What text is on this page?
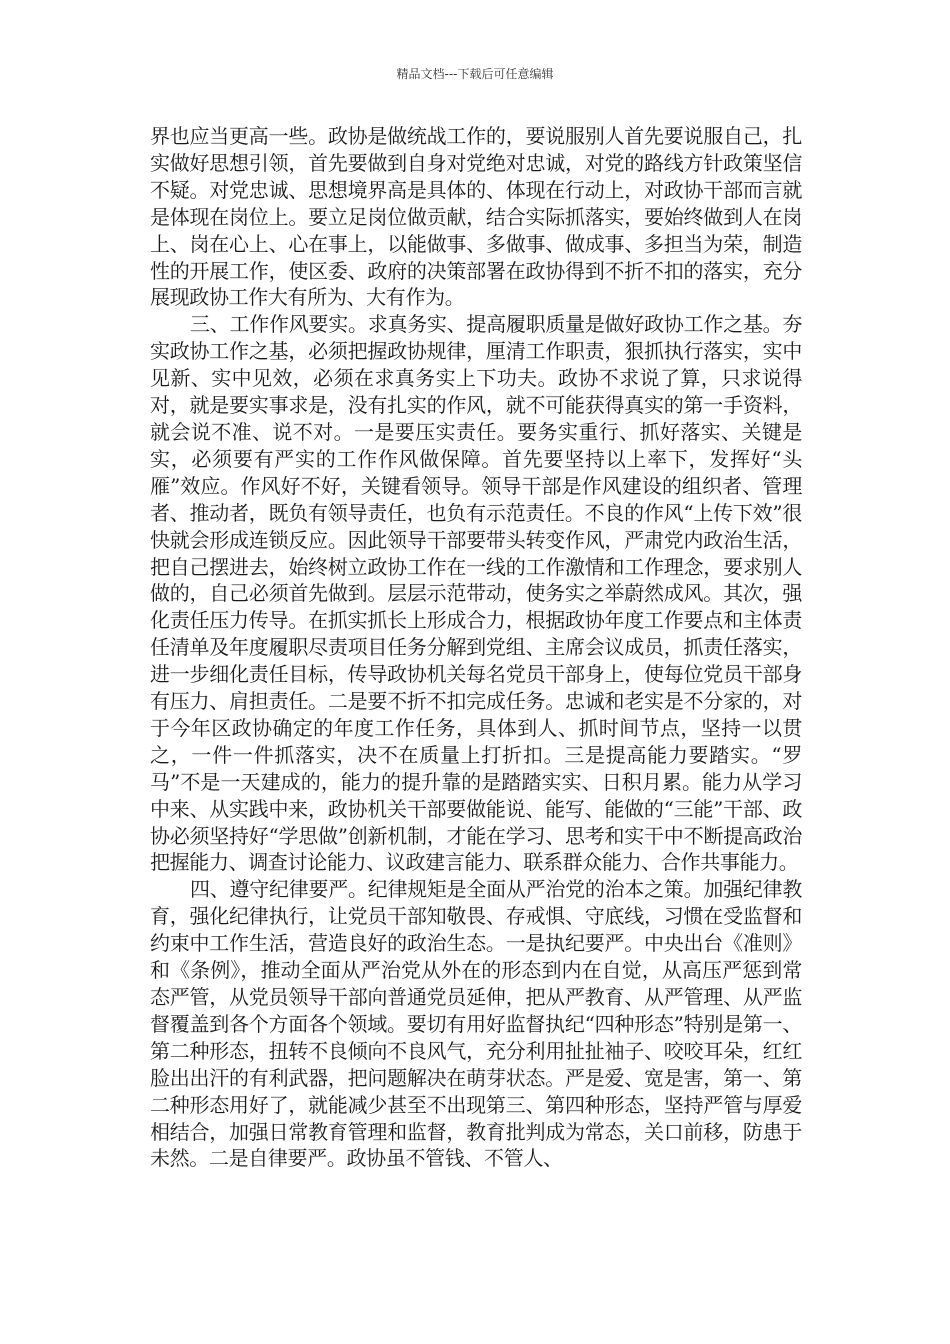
精品文档---下载后可任意编辑

界也应当更高一些。政协是做统战工作的，要说服别人首先要说服自己，扎实做好思想引领，首先要做到自身对党绝对忠诚，对党的路线方针政策坚信不疑。对党忠诚、思想境界高是具体的、体现在行动上，对政协干部而言就是体现在岗位上。要立足岗位做贡献，结合实际抓落实，要始终做到人在岗上、岗在心上、心在事上，以能做事、多做事、做成事、多担当为荣，制造性的开展工作，使区委、政府的决策部署在政协得到不折不扣的落实，充分展现政协工作大有所为、大有作为。

三、工作作风要实。求真务实、提高履职质量是做好政协工作之基。夯实政协工作之基，必须把握政协规律，厘清工作职责，狠抓执行落实，实中见新、实中见效，必须在求真务实上下功夫。政协不求说了算，只求说得对，就是要实事求是，没有扎实的作风，就不可能获得真实的第一手资料，就会说不准、说不对。一是要压实责任。要务实重行、抓好落实、关键是实，必须要有严实的工作作风做保障。首先要坚持以上率下，发挥好“头雁”效应。作风好不好，关键看领导。领导干部是作风建设的组织者、管理者、推动者，既负有领导责任，也负有示范责任。不良的作风“上传下效”很快就会形成连锁反应。因此领导干部要带头转变作风，严肃党内政治生活，把自己摆进去，始终树立政协工作在一线的工作激情和工作理念，要求别人做的，自己必须首先做到。层层示范带动，使务实之举蔚然成风。其次，强化责任压力传导。在抓实抓长上形成合力，根据政协年度工作要点和主体责任清单及年度履职尽责项目任务分解到党组、主席会议成员，抓责任落实，进一步细化责任目标，传导政协机关每名党员干部身上，使每位党员干部身有压力、肩担责任。二是要不折不扣完成任务。忠诚和老实是不分家的，对于今年区政协确定的年度工作任务，具体到人、抓时间节点，坚持一以贯之，一件一件抓落实，决不在质量上打折扣。三是提高能力要踏实。“罗马”不是一天建成的，能力的提升靠的是踏踏实实、日积月累。能力从学习中来、从实践中来，政协机关干部要做能说、能写、能做的“三能”干部、政协必须坚持好“学思做”创新机制，才能在学习、思考和实干中不断提高政治把握能力、调查讨论能力、议政建言能力、联系群众能力、合作共事能力。

四、遵守纪律要严。纪律规矩是全面从严治党的治本之策。加强纪律教育，强化纪律执行，让党员干部知敬畏、存戒惧、守底线，习惯在受监督和约束中工作生活，营造良好的政治生态。一是执纪要严。中央出台《准则》和《条例》，推动全面从严治党从外在的形态到内在自觉，从高压严惩到常态严管，从党员领导干部向普通党员延伸，把从严教育、从严管理、从严监督覆盖到各个方面各个领域。要切有用好监督执纪“四种形态”特别是第一、第二种形态，扭转不良倾向不良风气，充分利用扯扯袖子、咬咬耳朵，红红脸出出汗的有利武器，把问题解决在萌芽状态。严是爱、宽是害，第一、第二种形态用好了，就能减少甚至不出现第三、第四种形态，坚持严管与厚爱相结合，加强日常教育管理和监督，教育批判成为常态，关口前移，防患于未然。二是自律要严。政协虽不管钱、不管人、
